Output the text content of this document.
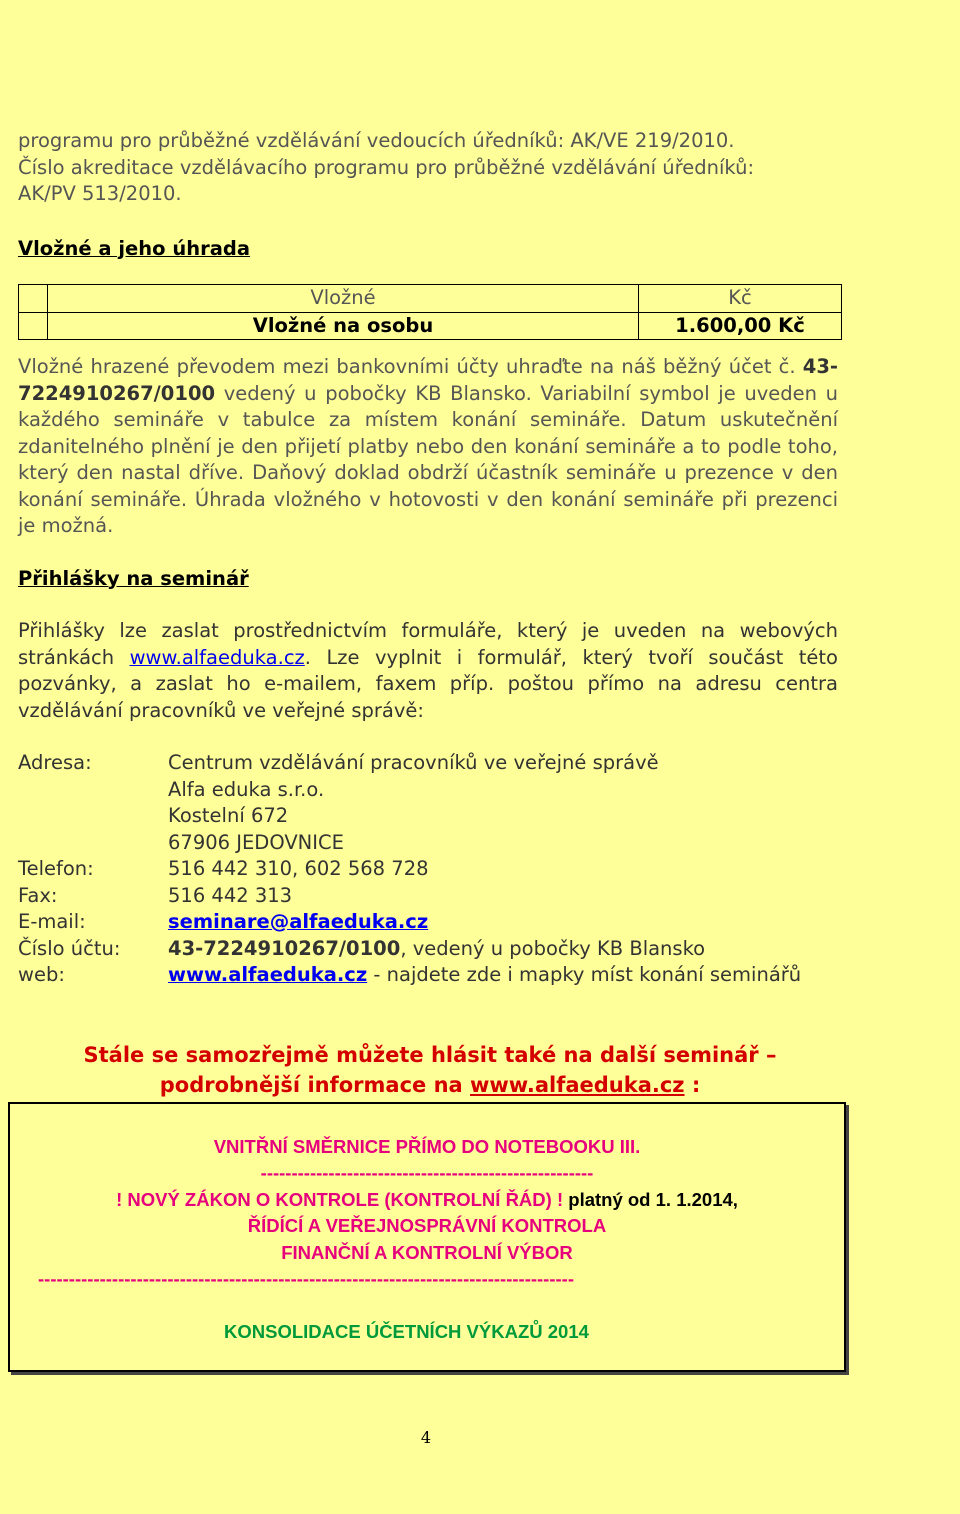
programu pro průběžné vzdělávání vedoucích úředníků: AK/VE 219/2010.

Číslo akreditace vzdělávacího programu pro průběžné vzdělávání úředníků:

AK/PV 513/2010.

Vložné a jeho úhrada

	Vložné	Kč
	Vložné na osobu	1.600,00 Kč

Vložné hrazené převodem mezi bankovními účty uhraďte na náš běžný účet č. 43-7224910267/0100 vedený u pobočky KB Blansko. Variabilní symbol je uveden u každého semináře v tabulce za místem konání semináře. Datum uskutečnění zdanitelného plnění je den přijetí platby nebo den konání semináře a to podle toho, který den nastal dříve. Daňový doklad obdrží účastník semináře u prezence v den konání semináře. Úhrada vložného v hotovosti v den konání semináře při prezenci je možná.

Přihlášky na seminář

Přihlášky lze zaslat prostřednictvím formuláře, který je uveden na webových stránkách www.alfaeduka.cz. Lze vyplnit i formulář, který tvoří součást této pozvánky, a zaslat ho e-mailem, faxem příp. poštou přímo na adresu centra vzdělávání pracovníků ve veřejné správě:

Adresa:	Centrum vzdělávání pracovníků ve veřejné správě
Alfa eduka s.r.o.
Kostelní 672
67906 JEDOVNICE
Telefon:	516 442 310, 602 568 728
Fax:	516 442 313
E-mail:	seminare@alfaeduka.cz
Číslo účtu:	43-7224910267/0100, vedený u pobočky KB Blansko
web:	www.alfaeduka.cz - najdete zde i mapky míst konání seminářů
Stále se samozřejmě můžete hlásit také na další seminář –
podrobnější informace na www.alfaeduka.cz :
VNITŘNÍ SMĚRNICE PŘÍMO DO NOTEBOOKU III.
------------------------------------------------------
! NOVÝ ZÁKON O KONTROLE (KONTROLNÍ ŘÁD) ! platný od 1. 1.2014,
ŘÍDÍCÍ A VEŘEJNOSPRÁVNÍ KONTROLA
FINANČNÍ A KONTROLNÍ VÝBOR
---------------------------------------------------------------------------------------
KONSOLIDACE ÚČETNÍCH VÝKAZŮ 2014
4
